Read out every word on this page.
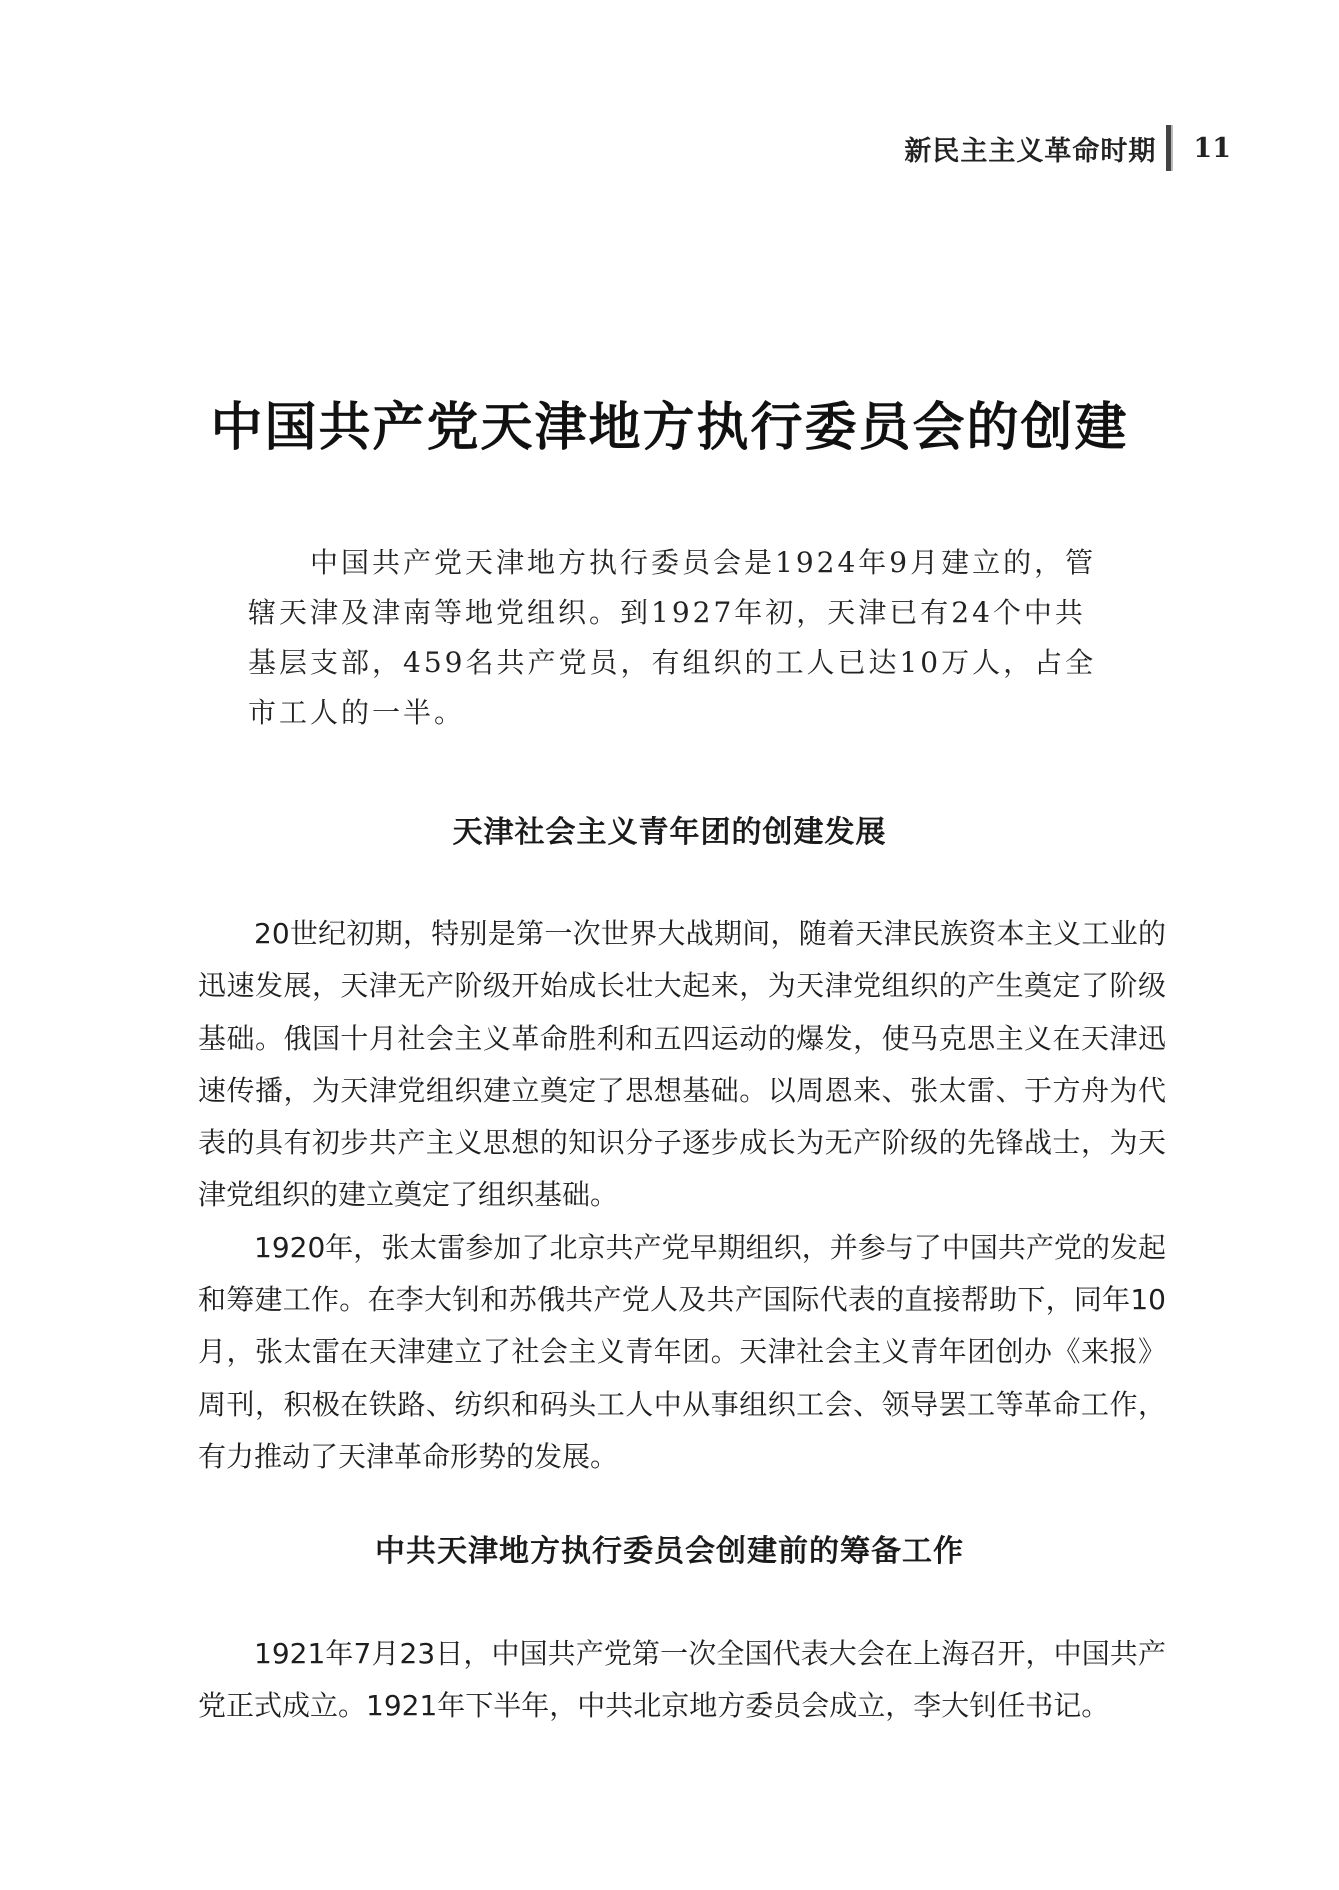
新民主主义革命时期 11
中国共产党天津地方执行委员会的创建

中国共产党天津地方执行委员会是1924年9月建立的，管辖天津及津南等地党组织。到1927年初，天津已有24个中共基层支部，459名共产党员，有组织的工人已达10万人，占全市工人的一半。

天津社会主义青年团的创建发展

20世纪初期，特别是第一次世界大战期间，随着天津民族资本主义工业的迅速发展，天津无产阶级开始成长壮大起来，为天津党组织的产生奠定了阶级基础。俄国十月社会主义革命胜利和五四运动的爆发，使马克思主义在天津迅速传播，为天津党组织建立奠定了思想基础。以周恩来、张太雷、于方舟为代表的具有初步共产主义思想的知识分子逐步成长为无产阶级的先锋战士，为天津党组织的建立奠定了组织基础。

1920年，张太雷参加了北京共产党早期组织，并参与了中国共产党的发起和筹建工作。在李大钊和苏俄共产党人及共产国际代表的直接帮助下，同年10月，张太雷在天津建立了社会主义青年团。天津社会主义青年团创办《来报》周刊，积极在铁路、纺织和码头工人中从事组织工会、领导罢工等革命工作，有力推动了天津革命形势的发展。

中共天津地方执行委员会创建前的筹备工作

1921年7月23日，中国共产党第一次全国代表大会在上海召开，中国共产党正式成立。1921年下半年，中共北京地方委员会成立，李大钊任书记。
